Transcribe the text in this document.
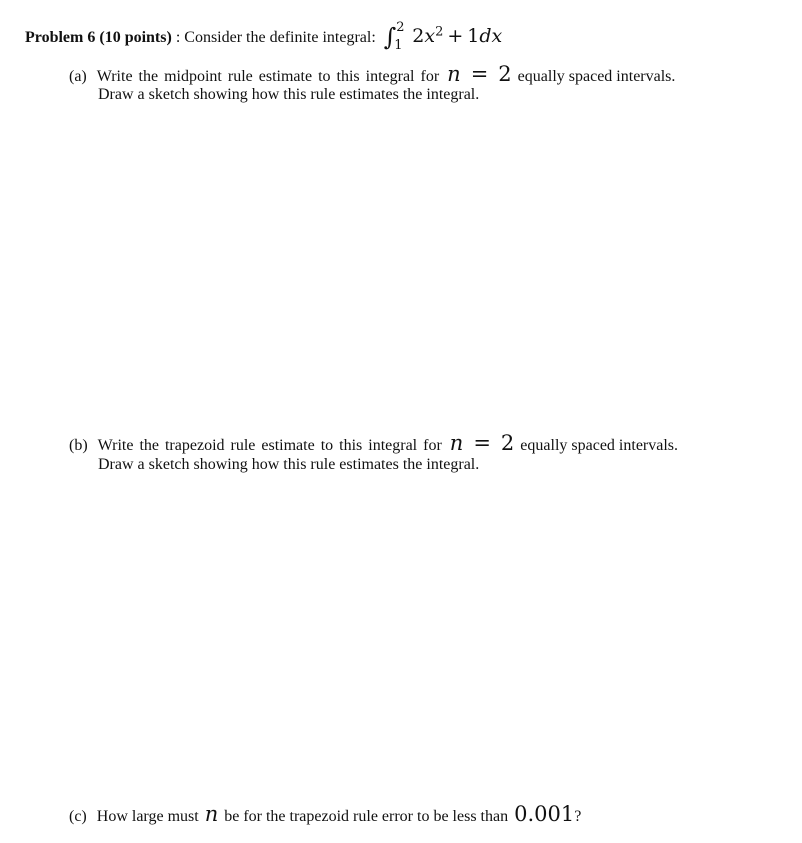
Problem 6 (10 points) : Consider the definite integral: ∫ 2
1 $2x^2 + 1dx$
(a) Write the midpoint rule estimate to this integral for n = 2 equally spaced intervals.
Draw a sketch showing how this rule estimates the integral.
(b) Write the trapezoid rule estimate to this integral for n = 2 equally spaced intervals.
Draw a sketch showing how this rule estimates the integral.
(c) How large must n be for the trapezoid rule error to be less than 0.001?
